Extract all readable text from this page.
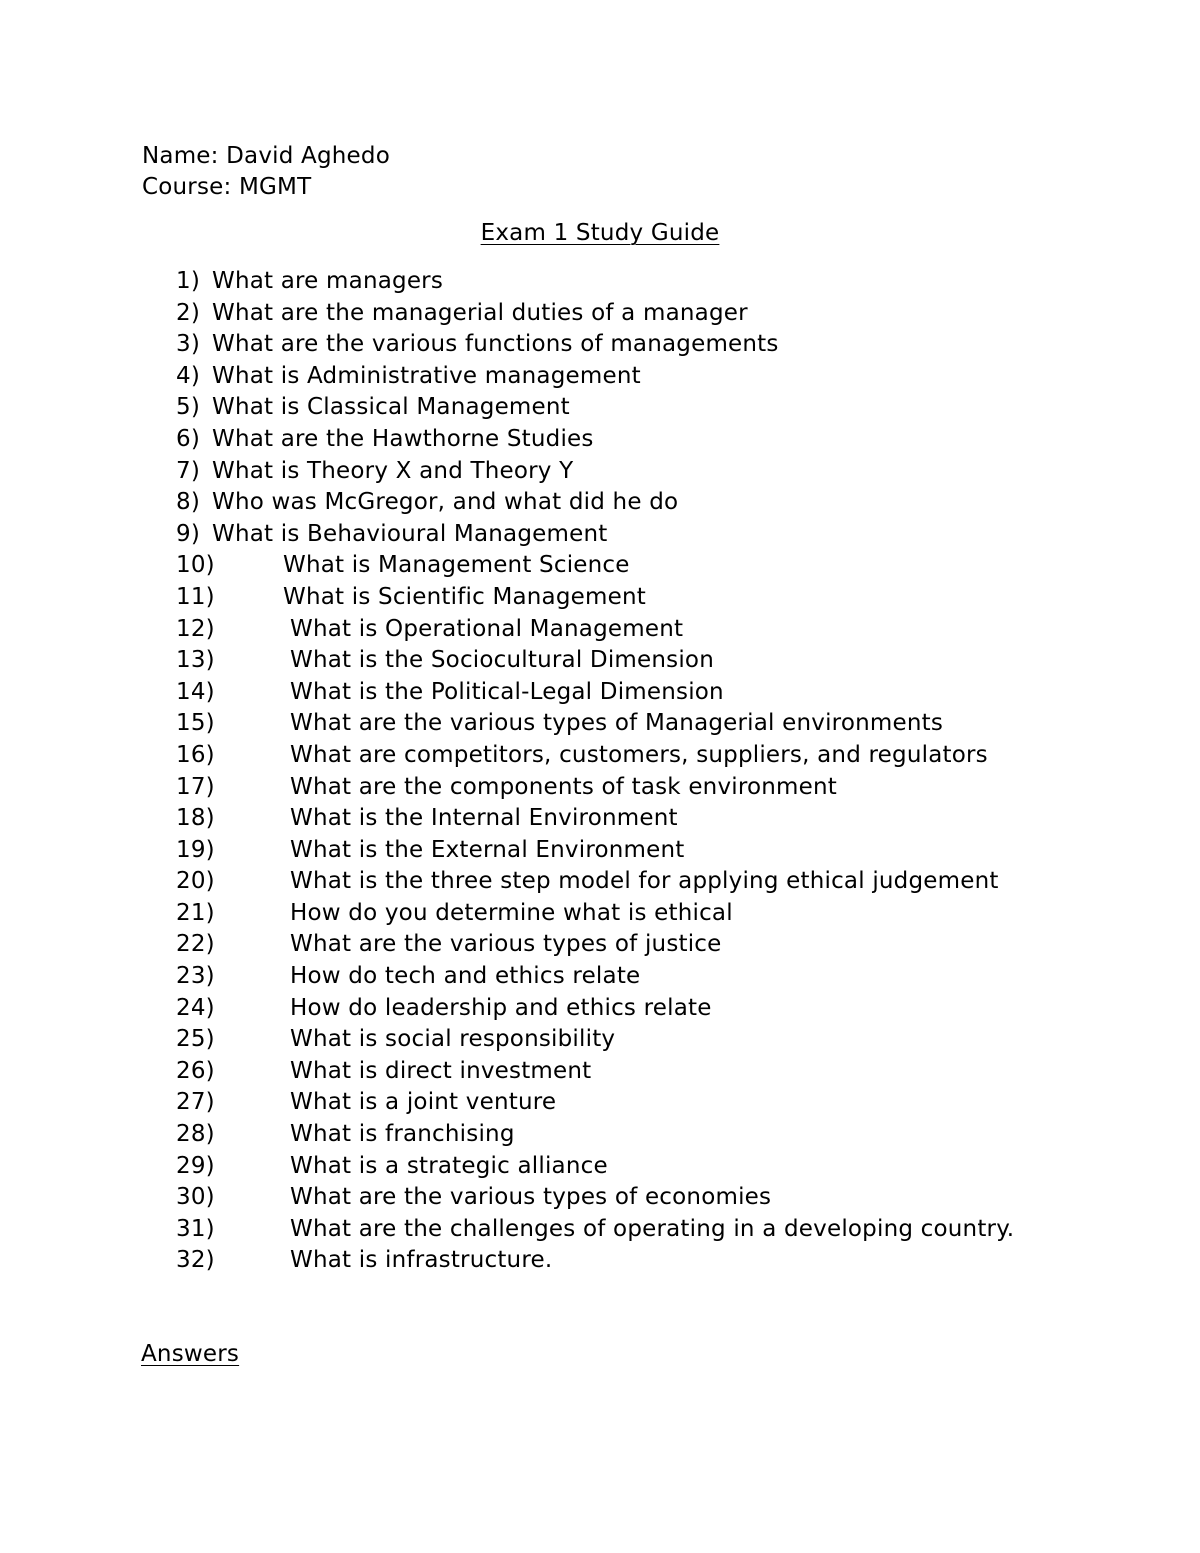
Name: David Aghedo
Course: MGMT
Exam 1 Study Guide
1) What are managers
2) What are the managerial duties of a manager
3) What are the various functions of managements
4) What is Administrative management
5) What is Classical Management
6) What are the Hawthorne Studies
7) What is Theory X and Theory Y
8) Who was McGregor, and what did he do
9) What is Behavioural Management
10)	What is Management Science
11)	What is Scientific Management
12)	What is Operational Management
13)	What is the Sociocultural Dimension
14)	What is the Political-Legal Dimension
15)	What are the various types of Managerial environments
16)	What are competitors, customers, suppliers, and regulators
17)	What are the components of task environment
18)	What is the Internal Environment
19)	What is the External Environment
20)	What is the three step model for applying ethical judgement
21)	How do you determine what is ethical
22)	What are the various types of justice
23)	How do tech and ethics relate
24)	How do leadership and ethics relate
25)	What is social responsibility
26)	What is direct investment
27)	What is a joint venture
28)	What is franchising
29)	What is a strategic alliance
30)	What are the various types of economies
31)	What are the challenges of operating in a developing country.
32)	What is infrastructure.
Answers
